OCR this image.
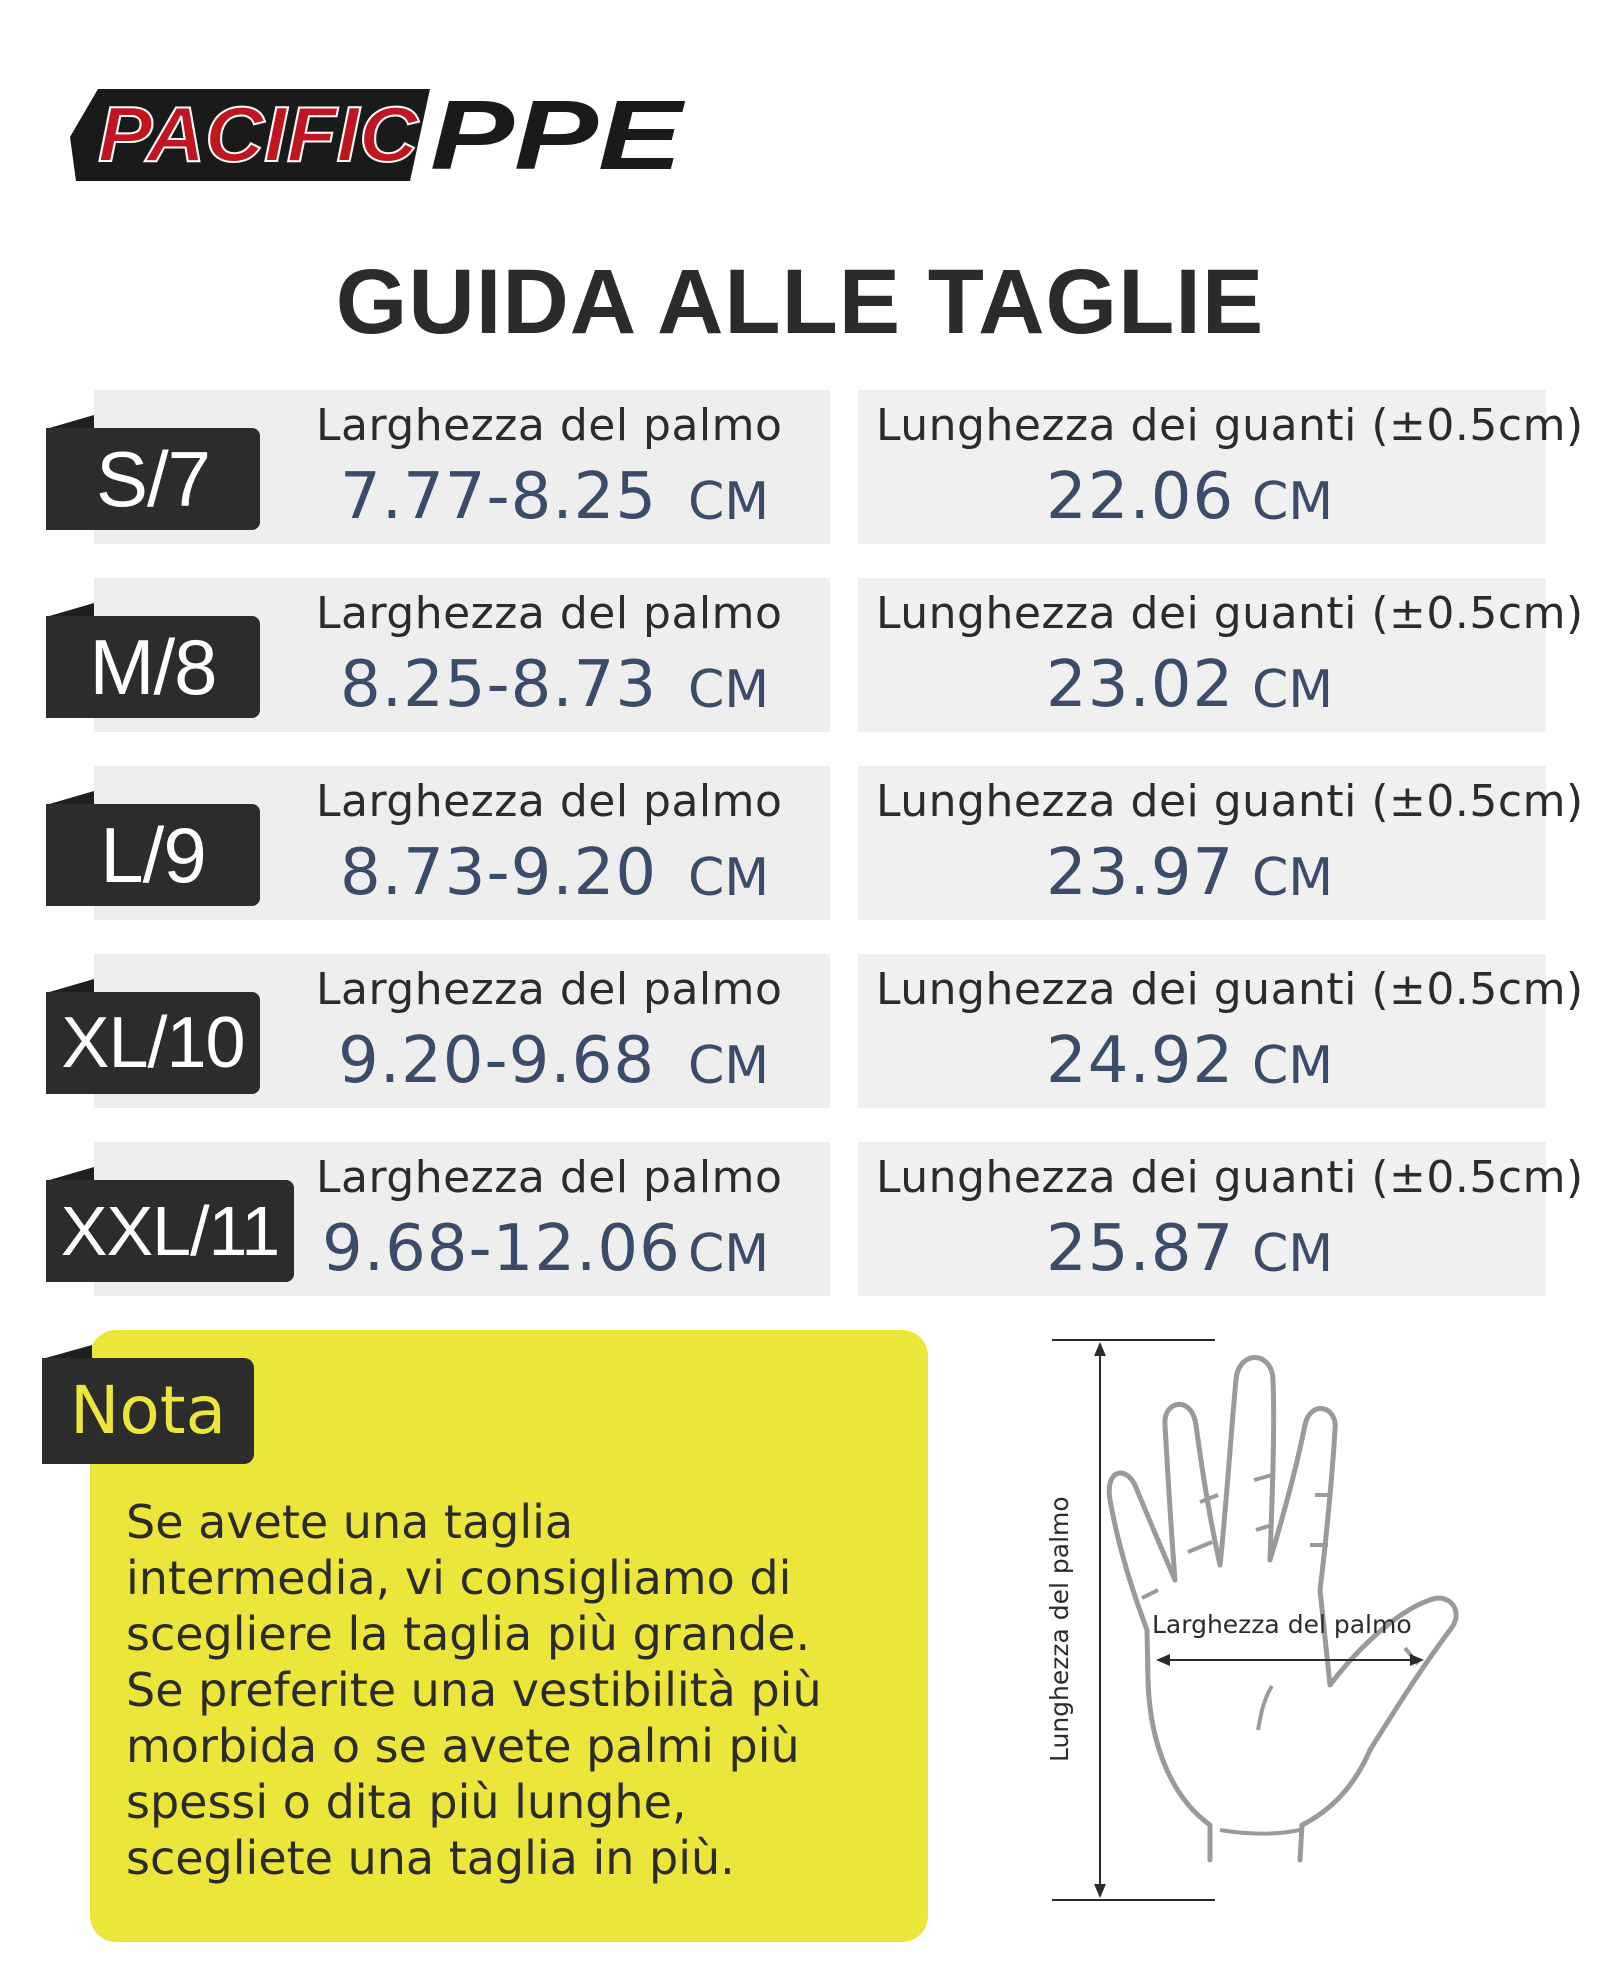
PACIFIC PPE
GUIDA ALLE TAGLIE
S/7
Larghezza del palmo
7.77-8.25 CM
Lunghezza dei guanti (±0.5cm)
22.06 CM
M/8
Larghezza del palmo
8.25-8.73 CM
Lunghezza dei guanti (±0.5cm)
23.02 CM
L/9
Larghezza del palmo
8.73-9.20 CM
Lunghezza dei guanti (±0.5cm)
23.97 CM
XL/10
Larghezza del palmo
9.20-9.68 CM
Lunghezza dei guanti (±0.5cm)
24.92 CM
XXL/11
Larghezza del palmo
9.68-12.06 CM
Lunghezza dei guanti (±0.5cm)
25.87 CM
Nota
Se avete una taglia
intermedia, vi consigliamo di
scegliere la taglia più grande.
Se preferite una vestibilità più
morbida o se avete palmi più
spessi o dita più lunghe,
scegliete una taglia in più.
Lunghezza del palmo	Larghezza del palmo
